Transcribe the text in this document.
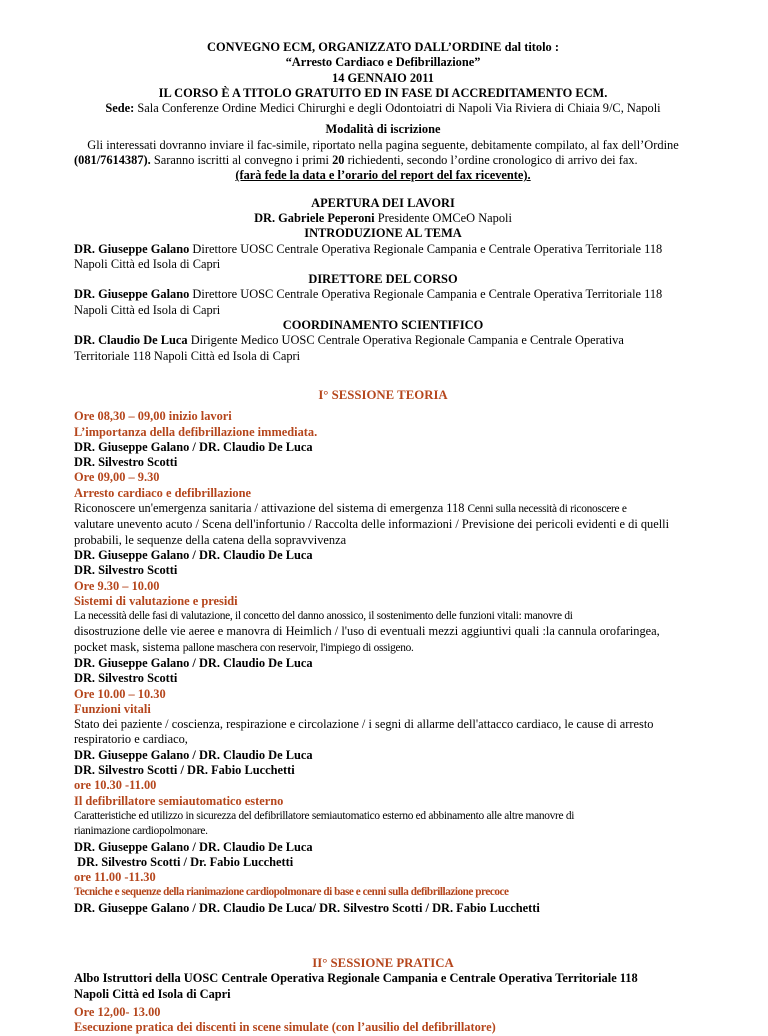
CONVEGNO ECM, ORGANIZZATO DALL’ORDINE dal titolo :
“Arresto Cardiaco e Defibrillazione”
14 GENNAIO 2011
IL CORSO È A TITOLO GRATUITO ED IN FASE DI ACCREDITAMENTO ECM.
Sede: Sala Conferenze Ordine Medici Chirurghi e degli Odontoiatri di Napoli Via Riviera di Chiaia 9/C, Napoli
Modalità di iscrizione
Gli interessati dovranno inviare il fac-simile, riportato nella pagina seguente, debitamente compilato, al fax dell’Ordine
(081/7614387). Saranno iscritti al convegno i primi 20 richiedenti, secondo l’ordine cronologico di arrivo dei fax.
(farà fede la data e l’orario del report del fax ricevente).
APERTURA DEI LAVORI
DR. Gabriele Peperoni Presidente OMCeO Napoli
INTRODUZIONE AL TEMA
DR. Giuseppe Galano Direttore UOSC Centrale Operativa Regionale Campania e Centrale Operativa Territoriale 118
Napoli Città ed Isola di Capri
DIRETTORE DEL CORSO
DR. Giuseppe Galano Direttore UOSC Centrale Operativa Regionale Campania e Centrale Operativa Territoriale 118
Napoli Città ed Isola di Capri
COORDINAMENTO SCIENTIFICO
DR. Claudio De Luca Dirigente Medico UOSC Centrale Operativa Regionale Campania e Centrale Operativa
Territoriale 118 Napoli Città ed Isola di Capri
I° SESSIONE TEORIA
Ore 08,30 – 09,00 inizio lavori
L’importanza della defibrillazione immediata.
DR. Giuseppe Galano / DR. Claudio De Luca
DR. Silvestro Scotti
Ore 09,00 – 9.30
Arresto cardiaco e defibrillazione
Riconoscere un'emergenza sanitaria / attivazione del sistema di emergenza 118 Cenni sulla necessità di riconoscere e
valutare unevento acuto / Scena dell'infortunio / Raccolta delle informazioni / Previsione dei pericoli evidenti e di quelli
probabili, le sequenze della catena della sopravvivenza
DR. Giuseppe Galano / DR. Claudio De Luca
DR. Silvestro Scotti
Ore 9.30 – 10.00
Sistemi di valutazione e presidi
La necessità delle fasi di valutazione, il concetto del danno anossico, il sostenimento delle funzioni vitali: manovre di
disostruzione delle vie aeree e manovra di Heimlich / l'uso di eventuali mezzi aggiuntivi quali :la cannula orofaringea,
pocket mask, sistema pallone maschera con reservoir, l'impiego di ossigeno.
DR. Giuseppe Galano / DR. Claudio De Luca
DR. Silvestro Scotti
Ore 10.00 – 10.30
Funzioni vitali
Stato dei paziente / coscienza, respirazione e circolazione / i segni di allarme dell'attacco cardiaco, le cause di arresto
respiratorio e cardiaco,
DR. Giuseppe Galano / DR. Claudio De Luca
DR. Silvestro Scotti / DR. Fabio Lucchetti
ore 10.30 -11.00
Il defibrillatore semiautomatico esterno
Caratteristiche ed utilizzo in sicurezza del defibrillatore semiautomatico esterno ed abbinamento alle altre manovre di
rianimazione cardiopolmonare.
DR. Giuseppe Galano / DR. Claudio De Luca
DR. Silvestro Scotti / Dr. Fabio Lucchetti
ore 11.00 -11.30
Tecniche e sequenze della rianimazione cardiopolmonare di base e cenni sulla defibrillazione precoce
DR. Giuseppe Galano / DR. Claudio De Luca/ DR. Silvestro Scotti / DR. Fabio Lucchetti
II° SESSIONE PRATICA
Albo Istruttori della UOSC Centrale Operativa Regionale Campania e Centrale Operativa Territoriale 118
Napoli Città ed Isola di Capri
Ore 12,00- 13.00
Esecuzione pratica dei discenti in scene simulate (con l’ausilio del defibrillatore)
